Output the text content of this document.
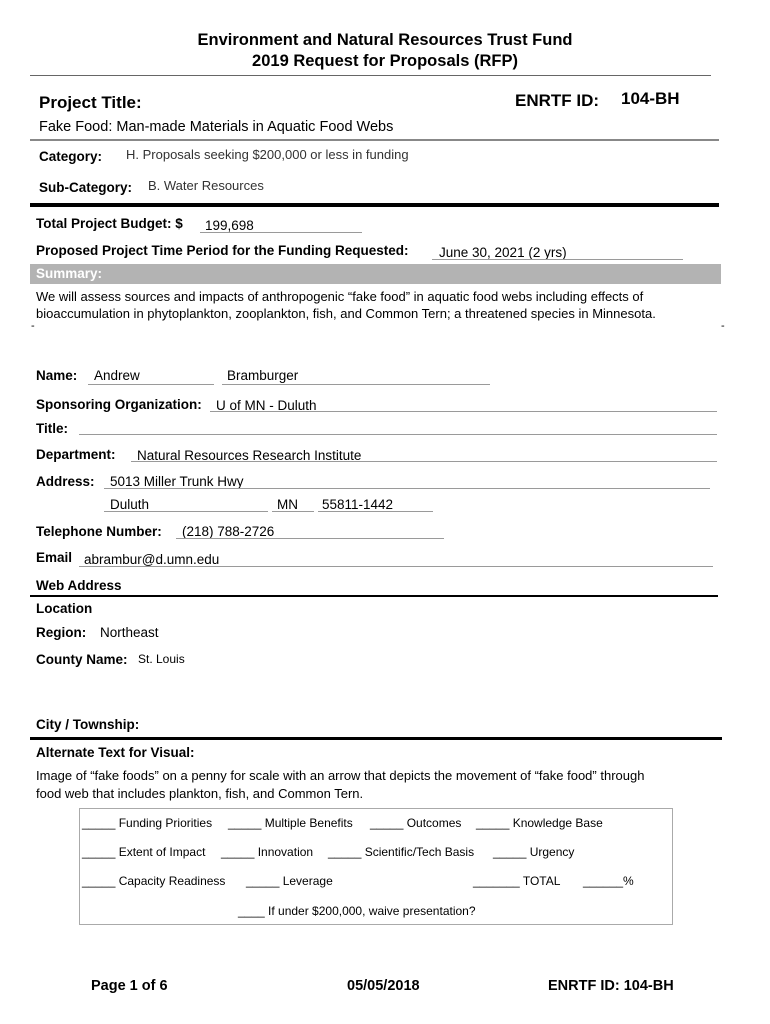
Environment and Natural Resources Trust Fund
2019 Request for Proposals (RFP)
Project Title:	ENRTF ID: 104-BH
Fake Food: Man-made Materials in Aquatic Food Webs
Category: H. Proposals seeking $200,000 or less in funding
Sub-Category: B. Water Resources
Total Project Budget: $ 199,698
Proposed Project Time Period for the Funding Requested: June 30, 2021 (2 yrs)
Summary:
We will assess sources and impacts of anthropogenic “fake food” in aquatic food webs including effects of
bioaccumulation in phytoplankton, zooplankton, fish, and Common Tern; a threatened species in Minnesota.
-	-
Name: Andrew	Bramburger
Sponsoring Organization: U of MN - Duluth
Title:
Department: Natural Resources Research Institute
Address: 5013 Miller Trunk Hwy
Duluth	MN 55811-1442
Telephone Number: (218) 788-2726
Email abrambur@d.umn.edu
Web Address
Location
Region: Northeast
County Name: St. Louis
City / Township:
Alternate Text for Visual:
Image of “fake foods” on a penny for scale with an arrow that depicts the movement of “fake food” through
food web that includes plankton, fish, and Common Tern.
_____ Funding Priorities _____ Multiple Benefits _____ Outcomes _____ Knowledge Base
_____ Extent of Impact _____ Innovation _____ Scientific/Tech Basis _____ Urgency
_____ Capacity Readiness _____ Leverage	_______ TOTAL ______%
____ If under $200,000, waive presentation?
Page 1 of 6	05/05/2018	ENRTF ID: 104-BH
